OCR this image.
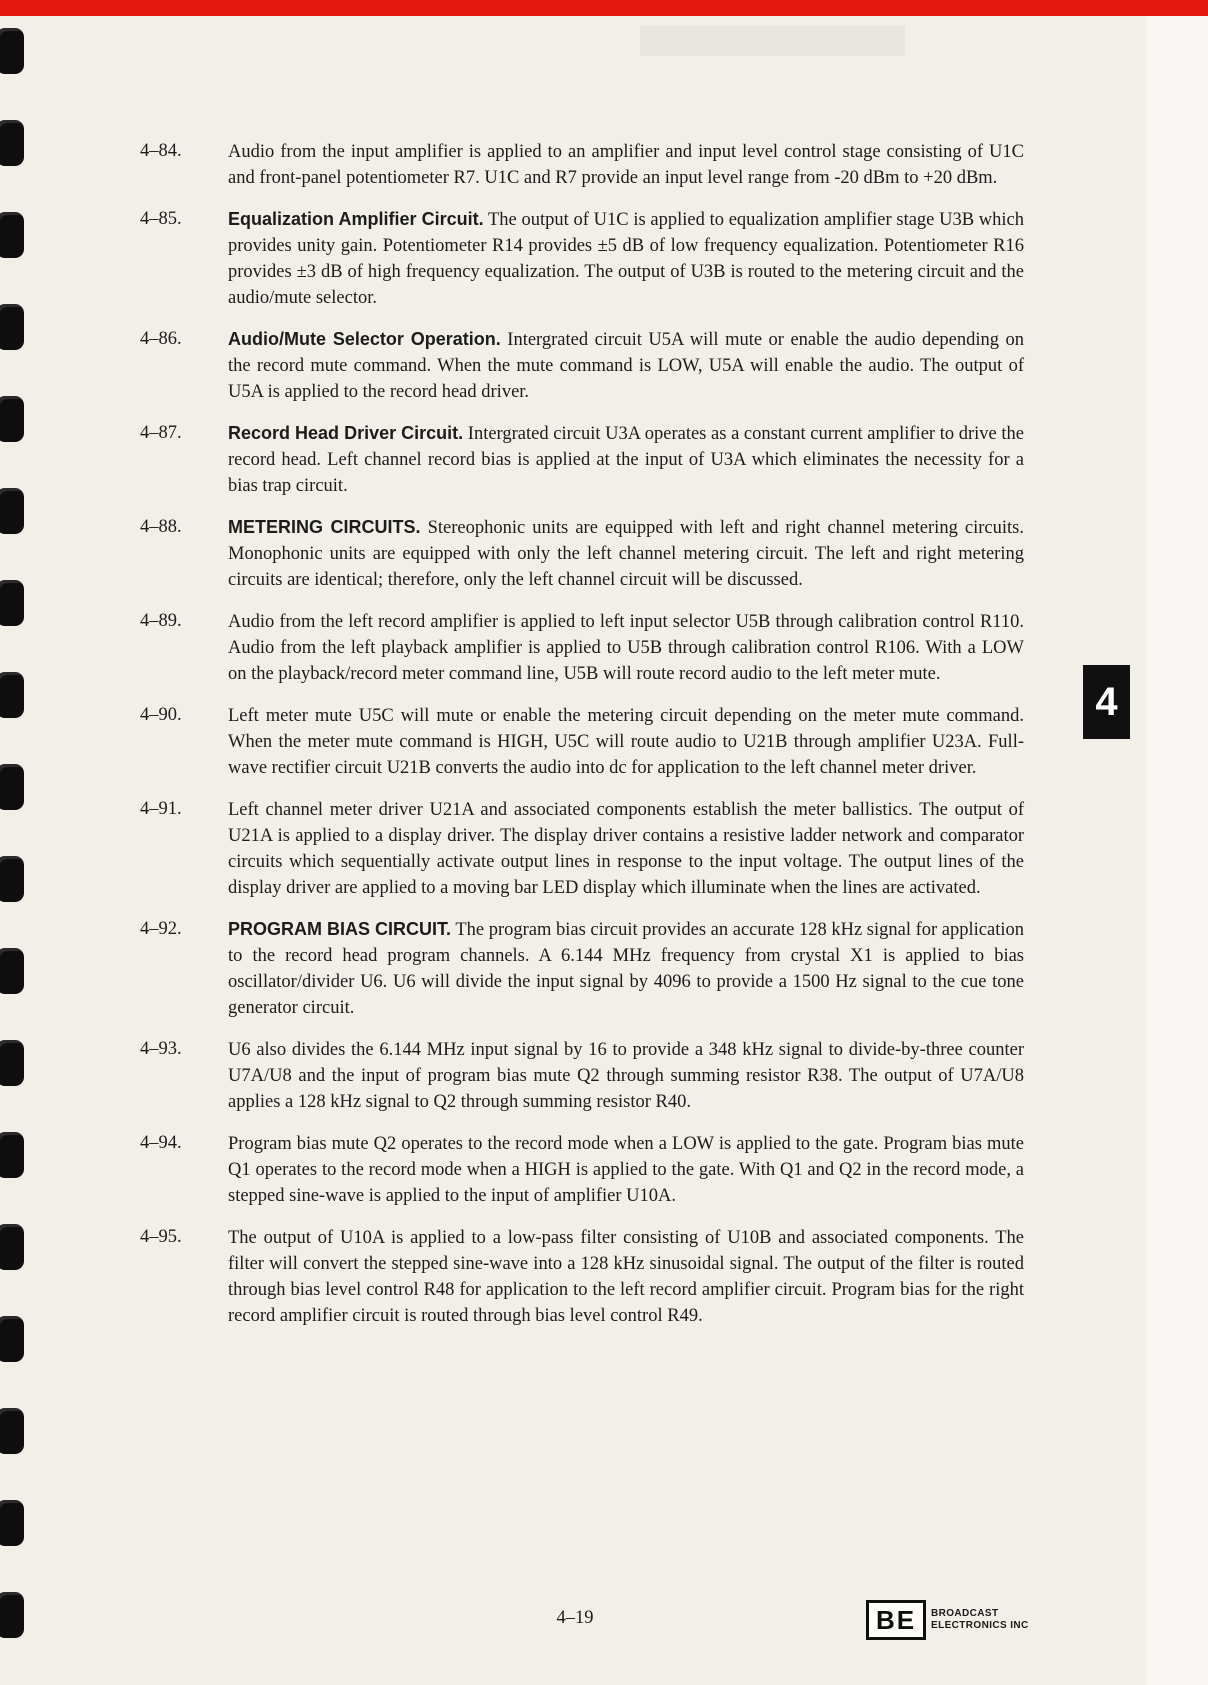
4–84.	Audio from the input amplifier is applied to an amplifier and input level control stage consisting of U1C and front-panel potentiometer R7. U1C and R7 provide an input level range from -20 dBm to +20 dBm.
4–85.	Equalization Amplifier Circuit. The output of U1C is applied to equalization amplifier stage U3B which provides unity gain. Potentiometer R14 provides ±5 dB of low frequency equalization. Potentiometer R16 provides ±3 dB of high frequency equalization. The output of U3B is routed to the metering circuit and the audio/mute selector.
4–86.	Audio/Mute Selector Operation. Intergrated circuit U5A will mute or enable the audio depending on the record mute command. When the mute command is LOW, U5A will enable the audio. The output of U5A is applied to the record head driver.
4–87.	Record Head Driver Circuit. Intergrated circuit U3A operates as a constant current amplifier to drive the record head. Left channel record bias is applied at the input of U3A which eliminates the necessity for a bias trap circuit.
4–88.	METERING CIRCUITS. Stereophonic units are equipped with left and right channel metering circuits. Monophonic units are equipped with only the left channel metering circuit. The left and right metering circuits are identical; therefore, only the left channel circuit will be discussed.
4–89.	Audio from the left record amplifier is applied to left input selector U5B through calibration control R110. Audio from the left playback amplifier is applied to U5B through calibration control R106. With a LOW on the playback/record meter command line, U5B will route record audio to the left meter mute.
4–90.	Left meter mute U5C will mute or enable the metering circuit depending on the meter mute command. When the meter mute command is HIGH, U5C will route audio to U21B through amplifier U23A. Full-wave rectifier circuit U21B converts the audio into dc for application to the left channel meter driver.
4–91.	Left channel meter driver U21A and associated components establish the meter ballistics. The output of U21A is applied to a display driver. The display driver contains a resistive ladder network and comparator circuits which sequentially activate output lines in response to the input voltage. The output lines of the display driver are applied to a moving bar LED display which illuminate when the lines are activated.
4–92.	PROGRAM BIAS CIRCUIT. The program bias circuit provides an accurate 128 kHz signal for application to the record head program channels. A 6.144 MHz frequency from crystal X1 is applied to bias oscillator/divider U6. U6 will divide the input signal by 4096 to provide a 1500 Hz signal to the cue tone generator circuit.
4–93.	U6 also divides the 6.144 MHz input signal by 16 to provide a 348 kHz signal to divide-by-three counter U7A/U8 and the input of program bias mute Q2 through summing resistor R38. The output of U7A/U8 applies a 128 kHz signal to Q2 through summing resistor R40.
4–94.	Program bias mute Q2 operates to the record mode when a LOW is applied to the gate. Program bias mute Q1 operates to the record mode when a HIGH is applied to the gate. With Q1 and Q2 in the record mode, a stepped sine-wave is applied to the input of amplifier U10A.
4–95.	The output of U10A is applied to a low-pass filter consisting of U10B and associated components. The filter will convert the stepped sine-wave into a 128 kHz sinusoidal signal. The output of the filter is routed through bias level control R48 for application to the left record amplifier circuit. Program bias for the right record amplifier circuit is routed through bias level control R49.
4
4–19	BE	BROADCAST
ELECTRONICS INC
